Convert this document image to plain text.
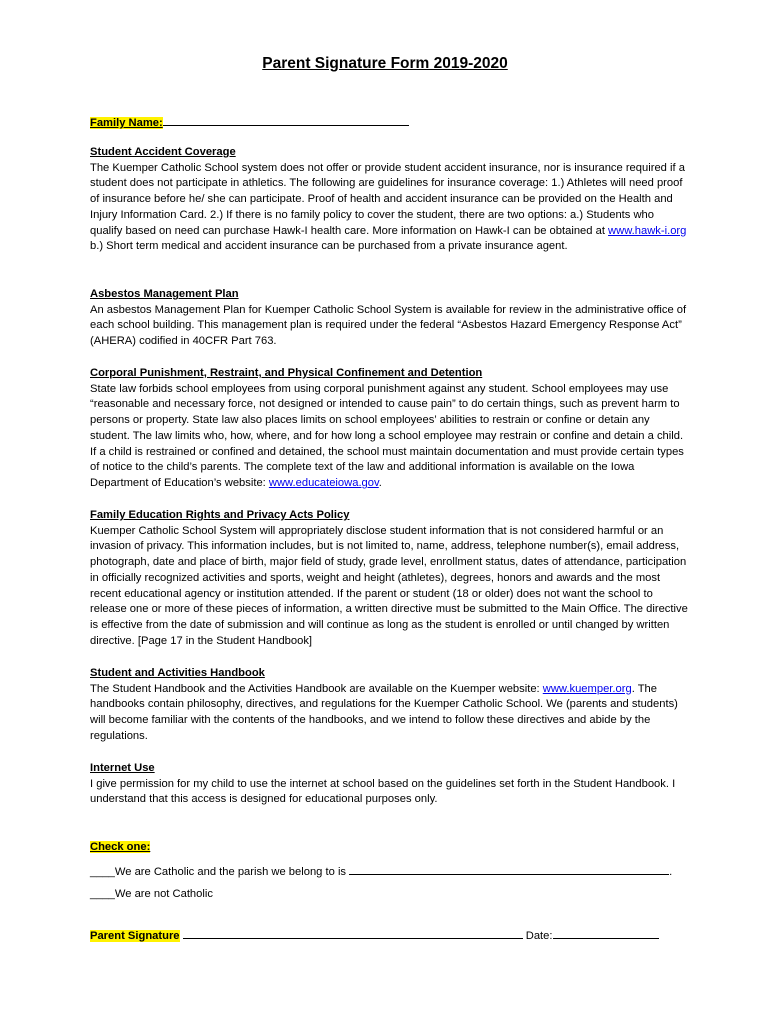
Parent Signature Form 2019-2020
Family Name:

Student Accident Coverage

The Kuemper Catholic School system does not offer or provide student accident insurance, nor is insurance required if a student does not participate in athletics. The following are guidelines for insurance coverage: 1.) Athletes will need proof of insurance before he/ she can participate. Proof of health and accident insurance can be provided on the Health and Injury Information Card. 2.) If there is no family policy to cover the student, there are two options: a.) Students who qualify based on need can purchase Hawk-I health care. More information on Hawk-I can be obtained at www.hawk-i.org b.) Short term medical and accident insurance can be purchased from a private insurance agent.

Asbestos Management Plan

An asbestos Management Plan for Kuemper Catholic School System is available for review in the administrative office of each school building. This management plan is required under the federal “Asbestos Hazard Emergency Response Act” (AHERA) codified in 40CFR Part 763.

Corporal Punishment, Restraint, and Physical Confinement and Detention

State law forbids school employees from using corporal punishment against any student. School employees may use “reasonable and necessary force, not designed or intended to cause pain” to do certain things, such as prevent harm to persons or property. State law also places limits on school employees’ abilities to restrain or confine or detain any student. The law limits who, how, where, and for how long a school employee may restrain or confine and detain a child. If a child is restrained or confined and detained, the school must maintain documentation and must provide certain types of notice to the child’s parents. The complete text of the law and additional information is available on the Iowa Department of Education’s website: www.educateiowa.gov.

Family Education Rights and Privacy Acts Policy

Kuemper Catholic School System will appropriately disclose student information that is not considered harmful or an invasion of privacy. This information includes, but is not limited to, name, address, telephone number(s), email address, photograph, date and place of birth, major field of study, grade level, enrollment status, dates of attendance, participation in officially recognized activities and sports, weight and height (athletes), degrees, honors and awards and the most recent educational agency or institution attended. If the parent or student (18 or older) does not want the school to release one or more of these pieces of information, a written directive must be submitted to the Main Office. The directive is effective from the date of submission and will continue as long as the student is enrolled or until changed by written directive. [Page 17 in the Student Handbook]

Student and Activities Handbook

The Student Handbook and the Activities Handbook are available on the Kuemper website: www.kuemper.org. The handbooks contain philosophy, directives, and regulations for the Kuemper Catholic School. We (parents and students) will become familiar with the contents of the handbooks, and we intend to follow these directives and abide by the regulations.

Internet Use

I give permission for my child to use the internet at school based on the guidelines set forth in the Student Handbook. I understand that this access is designed for educational purposes only.

Check one:
____We are Catholic and the parish we belong to is	.
____We are not Catholic
Parent Signature	Date:
